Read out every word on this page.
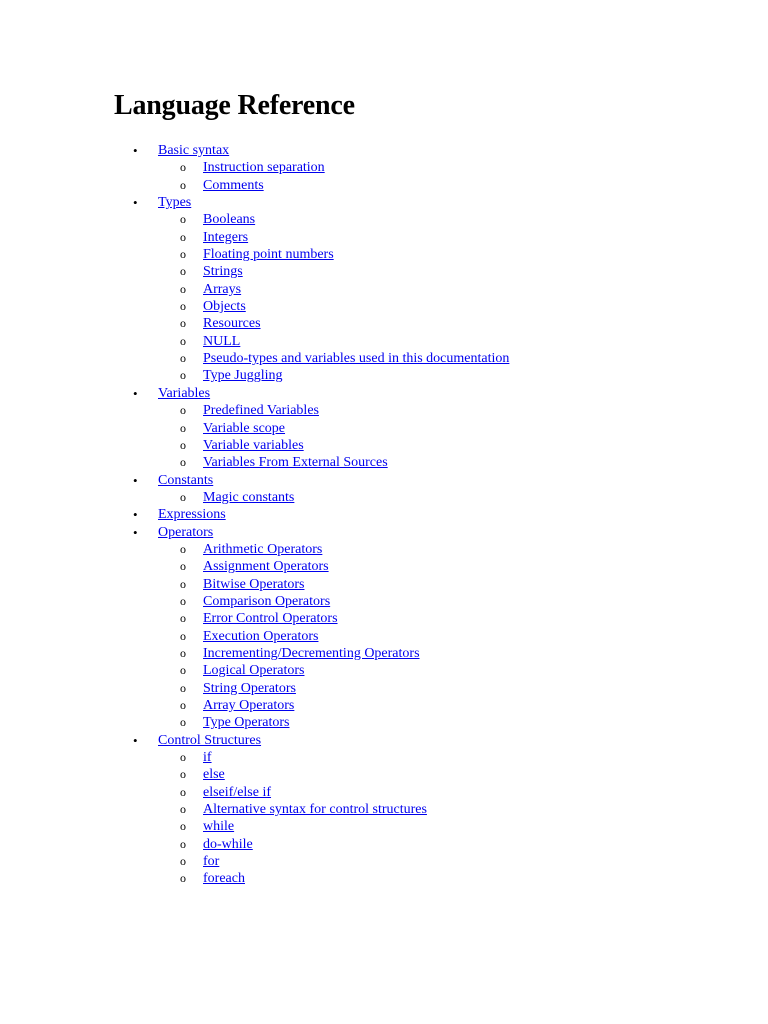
Language Reference
• Basic syntax
o Instruction separation
o Comments
• Types
o Booleans
o Integers
o Floating point numbers
o Strings
o Arrays
o Objects
o Resources
o NULL
o Pseudo-types and variables used in this documentation
o Type Juggling
• Variables
o Predefined Variables
o Variable scope
o Variable variables
o Variables From External Sources
• Constants
o Magic constants
• Expressions
• Operators
o Arithmetic Operators
o Assignment Operators
o Bitwise Operators
o Comparison Operators
o Error Control Operators
o Execution Operators
o Incrementing/Decrementing Operators
o Logical Operators
o String Operators
o Array Operators
o Type Operators
• Control Structures
o if
o else
o elseif/else if
o Alternative syntax for control structures
o while
o do-while
o for
o foreach
